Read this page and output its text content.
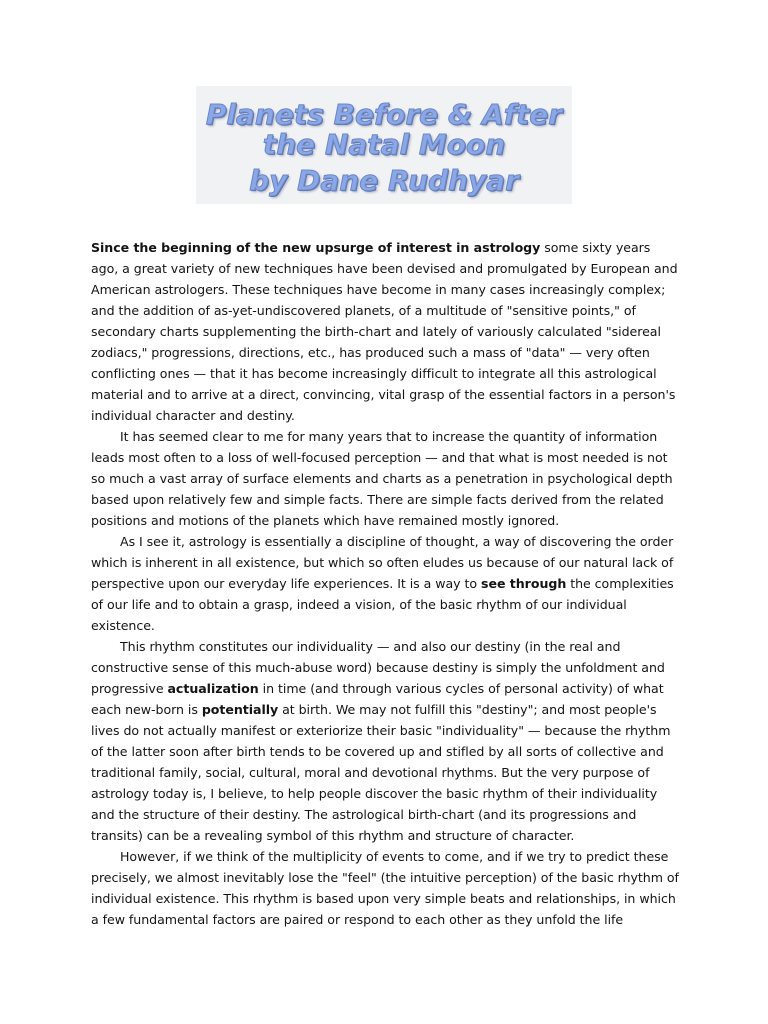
Planets Before & After
the Natal Moon
by Dane Rudhyar

Since the beginning of the new upsurge of interest in astrology some sixty years ago, a great variety of new techniques have been devised and promulgated by European and American astrologers. These techniques have become in many cases increasingly complex; and the addition of as-yet-undiscovered planets, of a multitude of "sensitive points," of secondary charts supplementing the birth-chart and lately of variously calculated "sidereal zodiacs," progressions, directions, etc., has produced such a mass of "data" — very often conflicting ones — that it has become increasingly difficult to integrate all this astrological material and to arrive at a direct, convincing, vital grasp of the essential factors in a person's individual character and destiny.

It has seemed clear to me for many years that to increase the quantity of information leads most often to a loss of well-focused perception — and that what is most needed is not so much a vast array of surface elements and charts as a penetration in psychological depth based upon relatively few and simple facts. There are simple facts derived from the related positions and motions of the planets which have remained mostly ignored.

As I see it, astrology is essentially a discipline of thought, a way of discovering the order which is inherent in all existence, but which so often eludes us because of our natural lack of perspective upon our everyday life experiences. It is a way to see through the complexities of our life and to obtain a grasp, indeed a vision, of the basic rhythm of our individual existence.

This rhythm constitutes our individuality — and also our destiny (in the real and constructive sense of this much-abuse word) because destiny is simply the unfoldment and progressive actualization in time (and through various cycles of personal activity) of what each new-born is potentially at birth. We may not fulfill this "destiny"; and most people's lives do not actually manifest or exteriorize their basic "individuality" — because the rhythm of the latter soon after birth tends to be covered up and stifled by all sorts of collective and traditional family, social, cultural, moral and devotional rhythms. But the very purpose of astrology today is, I believe, to help people discover the basic rhythm of their individuality and the structure of their destiny. The astrological birth-chart (and its progressions and transits) can be a revealing symbol of this rhythm and structure of character.

However, if we think of the multiplicity of events to come, and if we try to predict these precisely, we almost inevitably lose the "feel" (the intuitive perception) of the basic rhythm of individual existence. This rhythm is based upon very simple beats and relationships, in which a few fundamental factors are paired or respond to each other as they unfold the life
